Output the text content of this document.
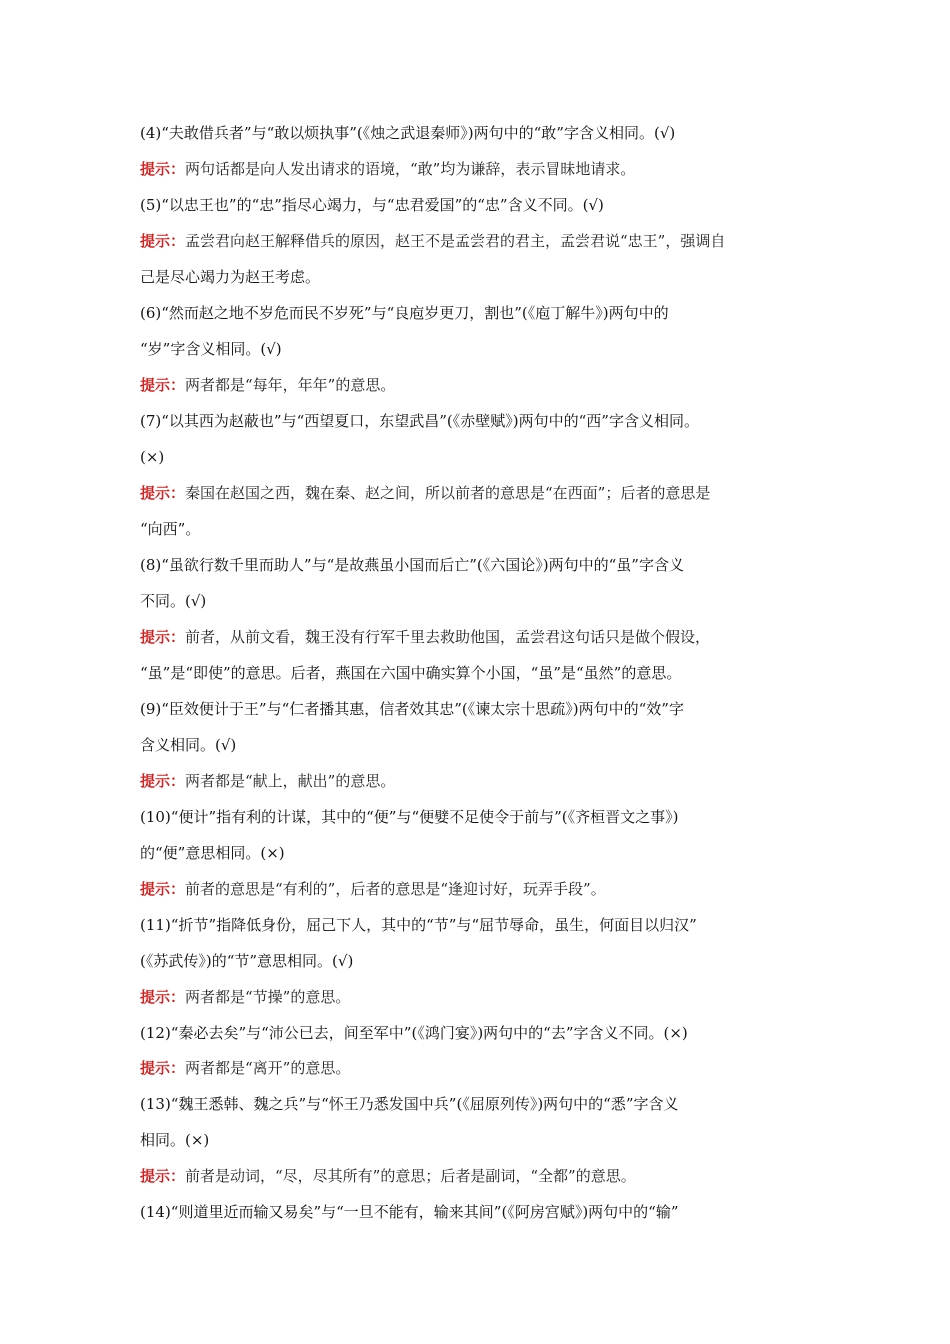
(4)“夫敢借兵者”与“敢以烦执事”(《烛之武退秦师》)两句中的“敢”字含义相同。(√)
提示：两句话都是向人发出请求的语境，“敢”均为谦辞，表示冒昧地请求。
(5)“以忠王也”的“忠”指尽心竭力，与“忠君爱国”的“忠”含义不同。(√)
提示：孟尝君向赵王解释借兵的原因，赵王不是孟尝君的君主，孟尝君说“忠王”，强调自
己是尽心竭力为赵王考虑。
(6)“然而赵之地不岁危而民不岁死”与“良庖岁更刀，割也”(《庖丁解牛》)两句中的
“岁”字含义相同。(√)
提示：两者都是“每年，年年”的意思。
(7)“以其西为赵蔽也”与“西望夏口，东望武昌”(《赤壁赋》)两句中的“西”字含义相同。
(×)
提示：秦国在赵国之西，魏在秦、赵之间，所以前者的意思是“在西面”；后者的意思是
“向西”。
(8)“虽欲行数千里而助人”与“是故燕虽小国而后亡”(《六国论》)两句中的“虽”字含义
不同。(√)
提示：前者，从前文看，魏王没有行军千里去救助他国，孟尝君这句话只是做个假设，
“虽”是“即使”的意思。后者，燕国在六国中确实算个小国，“虽”是“虽然”的意思。
(9)“臣效便计于王”与“仁者播其惠，信者效其忠”(《谏太宗十思疏》)两句中的“效”字
含义相同。(√)
提示：两者都是“献上，献出”的意思。
(10)“便计”指有利的计谋，其中的“便”与“便嬖不足使令于前与”(《齐桓晋文之事》)
的“便”意思相同。(×)
提示：前者的意思是“有利的”，后者的意思是“逢迎讨好，玩弄手段”。
(11)“折节”指降低身份，屈己下人，其中的“节”与“屈节辱命，虽生，何面目以归汉”
(《苏武传》)的“节”意思相同。(√)
提示：两者都是“节操”的意思。
(12)“秦必去矣”与“沛公已去，间至军中”(《鸿门宴》)两句中的“去”字含义不同。(×)
提示：两者都是“离开”的意思。
(13)“魏王悉韩、魏之兵”与“怀王乃悉发国中兵”(《屈原列传》)两句中的“悉”字含义
相同。(×)
提示：前者是动词，“尽，尽其所有”的意思；后者是副词，“全都”的意思。
(14)“则道里近而输又易矣”与“一旦不能有，输来其间”(《阿房宫赋》)两句中的“输”
